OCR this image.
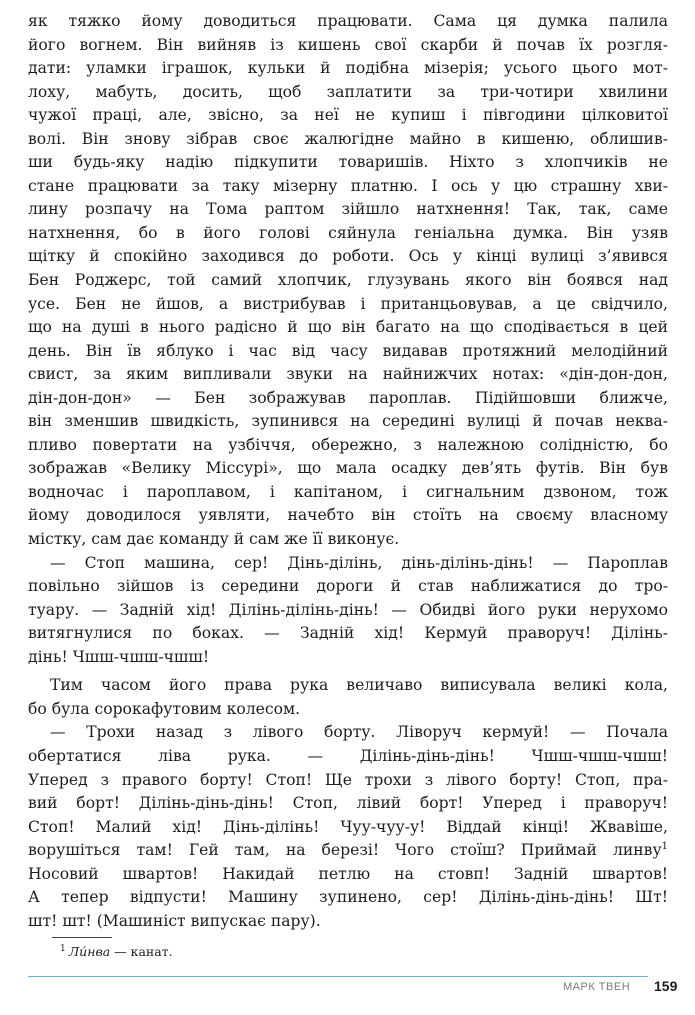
як тяжко йому доводиться працювати. Сама ця думка палила
його вогнем. Він вийняв із кишень свої скарби й почав їх розгля-
дати: уламки іграшок, кульки й подібна мізерія; усього цього мот-
лоху, мабуть, досить, щоб заплатити за три-чотири хвилини
чужої праці, але, звісно, за неї не купиш і півгодини цілковитої
волі. Він знову зібрав своє жалюгідне майно в кишеню, облишив-
ши будь-яку надію підкупити товаришів. Ніхто з хлопчиків не
стане працювати за таку мізерну платню. І ось у цю страшну хви-
лину розпачу на Тома раптом зійшло натхнення! Так, так, саме
натхнення, бо в його голові сяйнула геніальна думка. Він узяв
щітку й спокійно заходився до роботи. Ось у кінці вулиці з’явився
Бен Роджерс, той самий хлопчик, глузувань якого він боявся над
усе. Бен не йшов, а вистрибував і пританцьовував, а це свідчило,
що на душі в нього радісно й що він багато на що сподівається в цей
день. Він їв яблуко і час від часу видавав протяжний мелодійний
свист, за яким випливали звуки на найнижчих нотах: «дін-дон-дон,
дін-дон-дон» — Бен зображував пароплав. Підійшовши ближче,
він зменшив швидкість, зупинився на середині вулиці й почав неква-
пливо повертати на узбіччя, обережно, з належною солідністю, бо
зображав «Велику Міссурі», що мала осадку дев’ять футів. Він був
водночас і пароплавом, і капітаном, і сигнальним дзвоном, тож
йому доводилося уявляти, начебто він стоїть на своєму власному
містку, сам дає команду й сам же її виконує.
— Стоп машина, сер! Дінь-ділінь, дінь-ділінь-дінь! — Пароплав
повільно зійшов із середини дороги й став наближатися до тро-
туару. — Задній хід! Ділінь-ділінь-дінь! — Обидві його руки нерухомо витягнулися по боках. — Задній хід! Кермуй праворуч! Ділінь-
дінь! Чшш-чшш-чшш!
Тим часом його права рука величаво виписувала великі кола,
бо була сорокафутовим колесом.
— Трохи назад з лівого борту. Ліворуч кермуй! — Почала
обертатися ліва рука. — Ділінь-дінь-дінь! Чшш-чшш-чшш!
Уперед з правого борту! Стоп! Ще трохи з лівого борту! Стоп, пра-
вий борт! Ділінь-дінь-дінь! Стоп, лівий борт! Уперед і праворуч!
Стоп! Малий хід! Дінь-ділінь! Чуу-чуу-у! Віддай кінці! Жвавіше,
ворушіться там! Гей там, на березі! Чого стоїш? Приймай линву$^1$
Носовий швартов! Накидай петлю на стовп! Задній швартов!
А тепер відпусти! Машину зупинено, сер! Ділінь-дінь-дінь! Шт!
шт! шт! (Машиніст випускає пару).
$^1$ Ли́нва — канат.
МАРК ТВЕН 159
